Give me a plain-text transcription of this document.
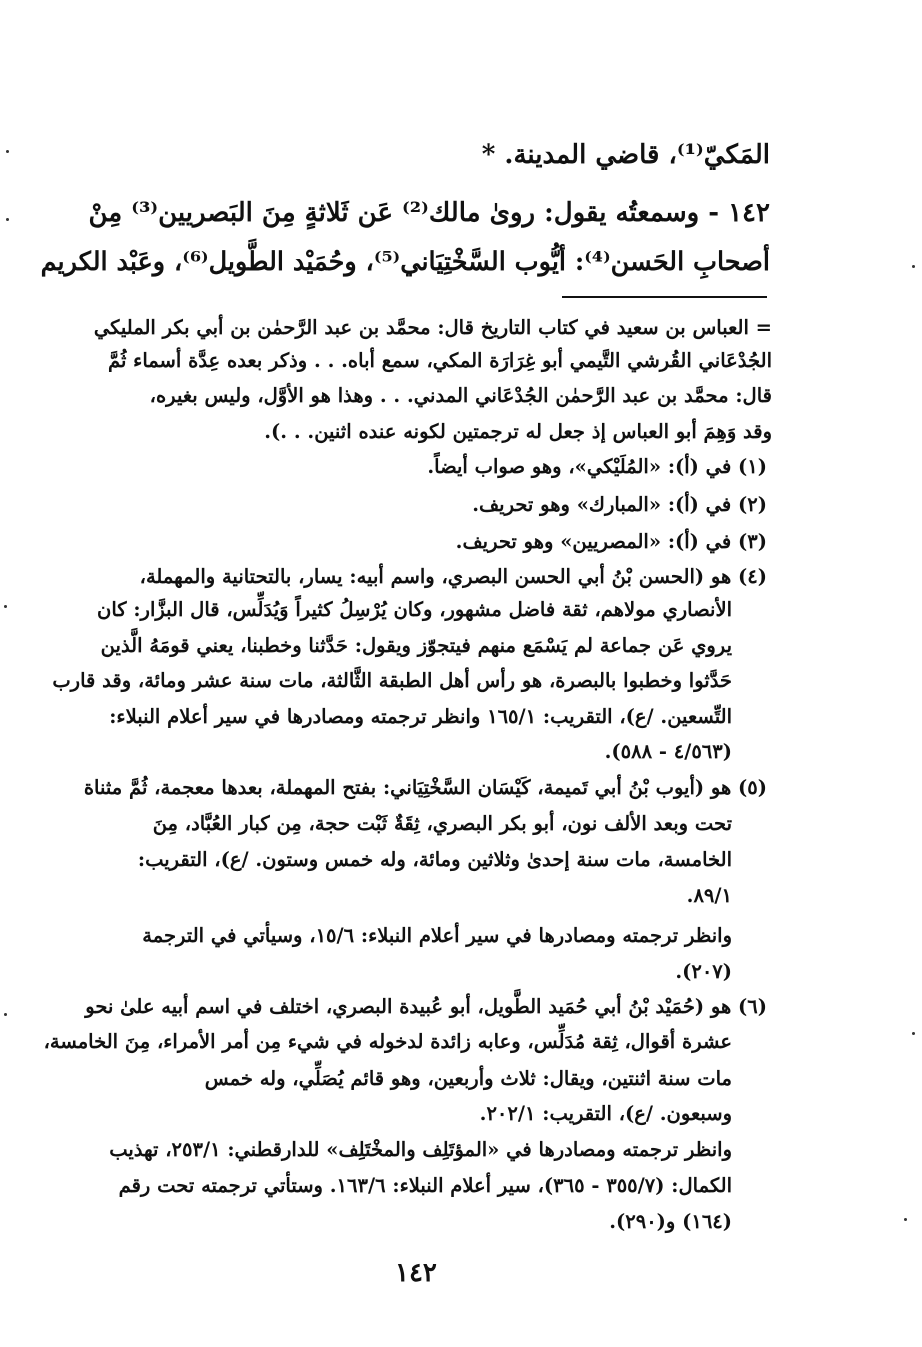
المَكيّ⁽¹⁾، قاضي المدينة. *
١٤٢ - وسمعتُه يقول: روىٰ مالك⁽²⁾ عَن ثَلاثةٍ مِنَ البَصريين⁽³⁾ مِنْ
أصحابِ الحَسن⁽⁴⁾: أيُّوب السَّخْتِيَاني⁽⁵⁾، وحُمَيْد الطَّويل⁽⁶⁾، وعَبْد الكريم
= العباس بن سعيد في كتاب التاريخ قال: محمَّد بن عبد الرَّحمٰن بن أبي بكر المليكي
الجُدْعَاني القُرشي التَّيمي أبو غِرَارَة المكي، سمع أباه. . . وذكر بعده عِدَّة أسماء ثُمَّ
قال: محمَّد بن عبد الرَّحمٰن الجُدْعَاني المدني. . . وهذا هو الأوَّل، وليس بغيره،
وقد وَهِمَ أبو العباس إذ جعل له ترجمتين لكونه عنده اثنين. . .).
(١) في (أ): «المُلَيْكي»، وهو صواب أيضاً.
(٢) في (أ): «المبارك» وهو تحريف.
(٣) في (أ): «المصريين» وهو تحريف.
(٤) هو (الحسن بْنُ أبي الحسن البصري، واسم أبيه: يسار، بالتحتانية والمهملة،
الأنصاري مولاهم، ثقة فاضل مشهور، وكان يُرْسِلُ كثيراً وَيُدَلِّس، قال البزَّار: كان
يروي عَن جماعة لم يَسْمَع منهم فيتجوّز ويقول: حَدَّثنا وخطبنا، يعني قومَهُ الَّذين
حَدَّثوا وخطبوا بالبصرة، هو رأس أهل الطبقة الثَّالثة، مات سنة عشر ومائة، وقد قارب
التِّسعين. /ع)، التقريب: ١٦٥/١ وانظر ترجمته ومصادرها في سير أعلام النبلاء:
(٤/٥٦٣ - ٥٨٨).
(٥) هو (أيوب بْنُ أبي تَميمة، كَيْسَان السَّخْتِيَاني: بفتح المهملة، بعدها معجمة، ثُمَّ مثناة
تحت وبعد الألف نون، أبو بكر البصري، ثِقَةٌ ثَبْت حجة، مِن كبار العُبَّاد، مِنَ
الخامسة، مات سنة إحدىٰ وثلاثين ومائة، وله خمس وستون. /ع)، التقريب:
٨٩/١.
وانظر ترجمته ومصادرها في سير أعلام النبلاء: ١٥/٦، وسيأتي في الترجمة
(٢٠٧).
(٦) هو (حُمَيْد بْنُ أبي حُمَيد الطَّويل، أبو عُبيدة البصري، اختلف في اسم أبيه علىٰ نحو
عشرة أقوال، ثِقة مُدَلِّس، وعابه زائدة لدخوله في شيء مِن أمر الأمراء، مِنَ الخامسة،
مات سنة اثنتين، ويقال: ثلاث وأربعين، وهو قائم يُصَلِّي، وله خمس
وسبعون. /ع)، التقريب: ٢٠٢/١.
وانظر ترجمته ومصادرها في «المؤتَلِف والمخْتَلِف» للدارقطني: ٢٥٣/١، تهذيب
الكمال: (٣٥٥/٧ - ٣٦٥)، سير أعلام النبلاء: ١٦٣/٦. وستأتي ترجمته تحت رقم
(١٦٤) و(٢٩٠).
١٤٢
